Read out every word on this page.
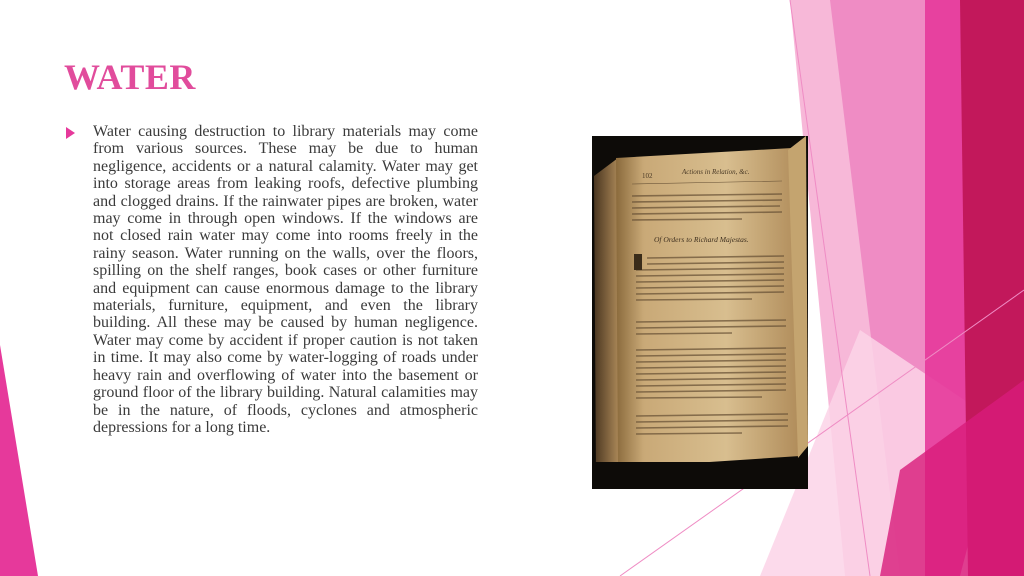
WATER

Water causing destruction to library materials may come from various sources. These may be due to human negligence, accidents or a natural calamity. Water may get into storage areas from leaking roofs, defective plumbing and clogged drains. If the rainwater pipes are broken, water may come in through open windows. If the windows are not closed rain water may come into rooms freely in the rainy season. Water running on the walls, over the floors, spilling on the shelf ranges, book cases or other furniture and equipment can cause enormous damage to the library materials, furniture, equipment, and even the library building. All these may be caused by human negligence. Water may come by accident if proper caution is not taken in time. It may also come by water-logging of roads under heavy rain and overflowing of water into the basement or ground floor of the library building. Natural calamities may be in the nature, of floods, cyclones and atmospheric depressions for a long time.

102	Actions in Relation, &c.
Of Orders to Richard Majestas.
